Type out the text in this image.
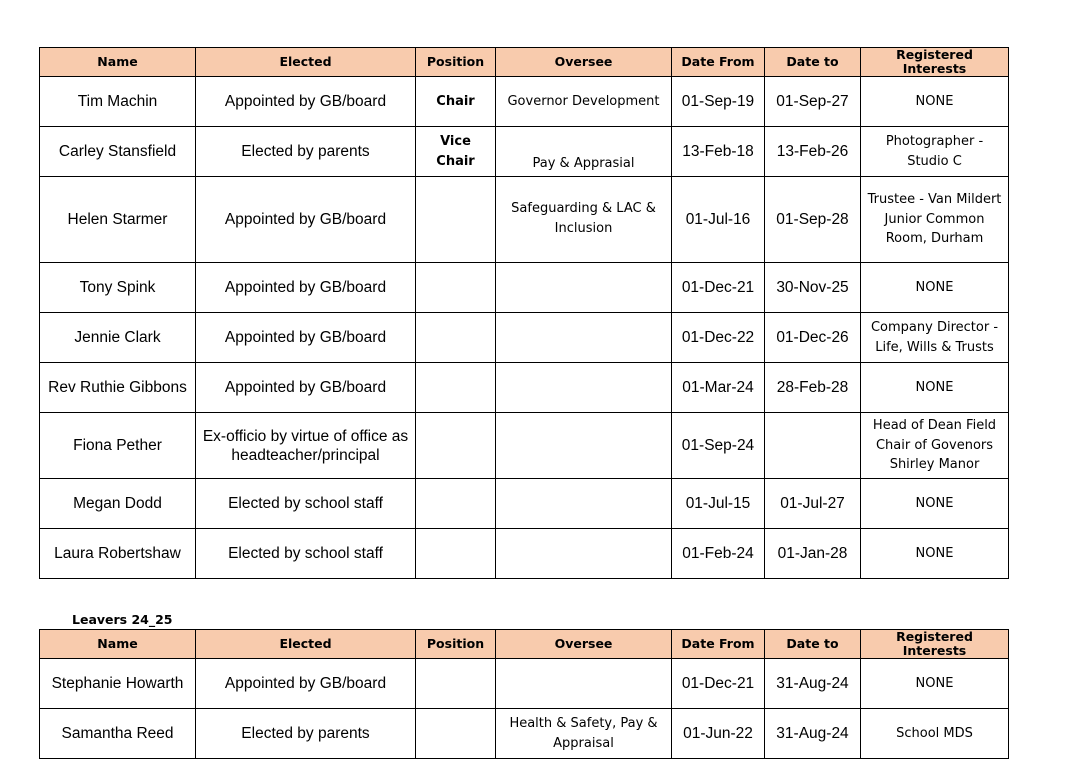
Name	Elected	Position	Oversee	Date From	Date to	Registered Interests
Tim Machin	Appointed by GB/board	Chair	Governor Development	01-Sep-19	01-Sep-27	NONE
Carley Stansfield	Elected by parents	Vice Chair	Pay & Apprasial	13-Feb-18	13-Feb-26	Photographer - Studio C
Helen Starmer	Appointed by GB/board		Safeguarding & LAC & Inclusion	01-Jul-16	01-Sep-28	Trustee - Van Mildert Junior Common Room, Durham
Tony Spink	Appointed by GB/board			01-Dec-21	30-Nov-25	NONE
Jennie Clark	Appointed by GB/board			01-Dec-22	01-Dec-26	Company Director - Life, Wills & Trusts
Rev Ruthie Gibbons	Appointed by GB/board			01-Mar-24	28-Feb-28	NONE
Fiona Pether	Ex-officio by virtue of office as headteacher/principal			01-Sep-24		Head of Dean Field Chair of Govenors Shirley Manor
Megan Dodd	Elected by school staff			01-Jul-15	01-Jul-27	NONE
Laura Robertshaw	Elected by school staff			01-Feb-24	01-Jan-28	NONE
Leavers 24_25
Name	Elected	Position	Oversee	Date From	Date to	Registered Interests
Stephanie Howarth	Appointed by GB/board			01-Dec-21	31-Aug-24	NONE
Samantha Reed	Elected by parents		Health & Safety, Pay & Appraisal	01-Jun-22	31-Aug-24	School MDS
